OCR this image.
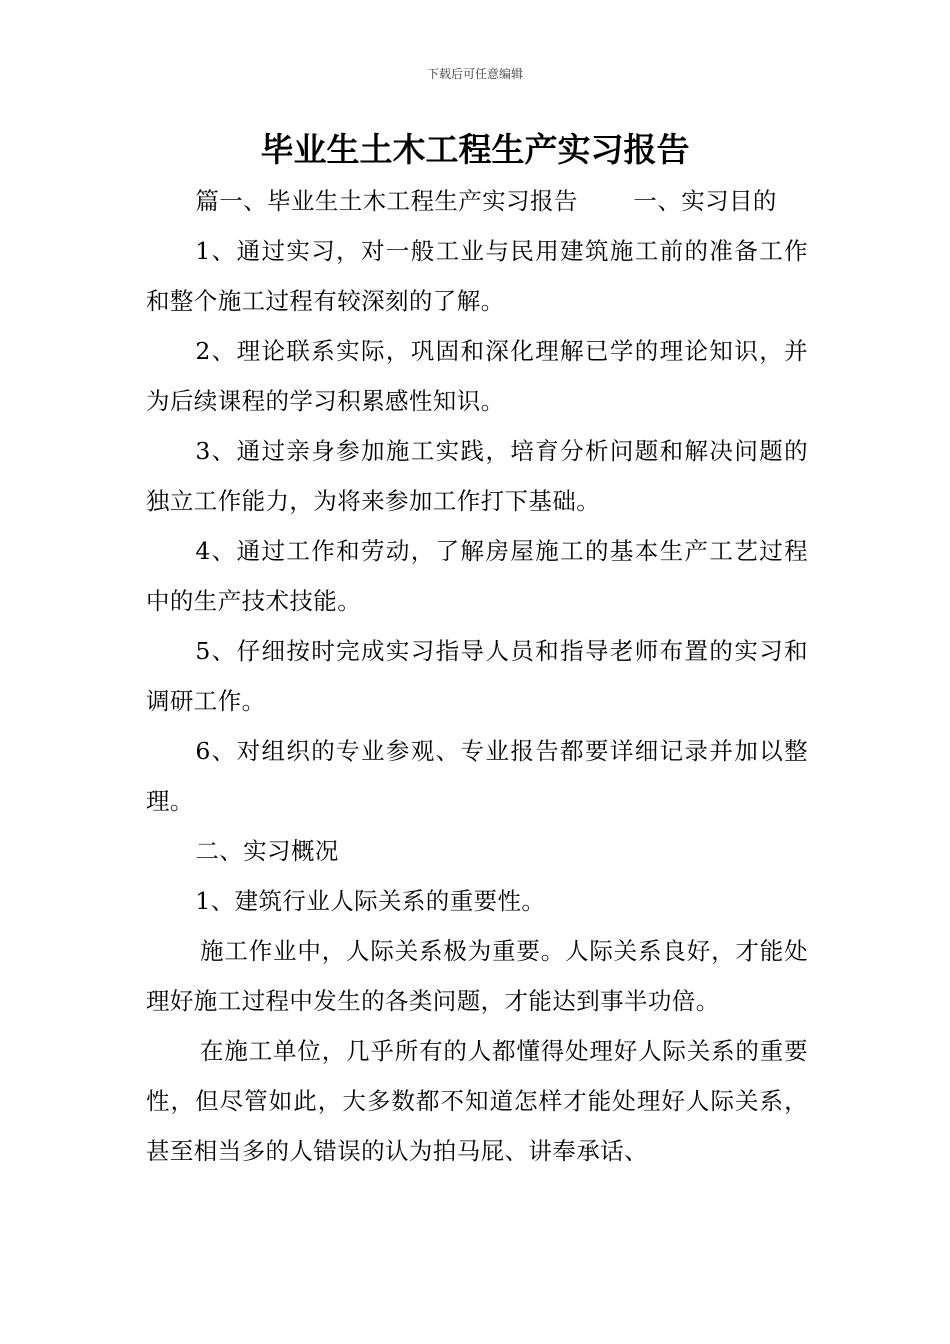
下载后可任意编辑
毕业生土木工程生产实习报告

篇一、毕业生土木工程生产实习报告　　 一、实习目的

1、通过实习，对一般工业与民用建筑施工前的准备工作和整个施工过程有较深刻的了解。

2、理论联系实际，巩固和深化理解已学的理论知识，并为后续课程的学习积累感性知识。

3、通过亲身参加施工实践，培育分析问题和解决问题的独立工作能力，为将来参加工作打下基础。

4、通过工作和劳动，了解房屋施工的基本生产工艺过程中的生产技术技能。

5、仔细按时完成实习指导人员和指导老师布置的实习和调研工作。

6、对组织的专业参观、专业报告都要详细记录并加以整理。

二、实习概况

1、建筑行业人际关系的重要性。

施工作业中，人际关系极为重要。人际关系良好，才能处理好施工过程中发生的各类问题，才能达到事半功倍。

在施工单位，几乎所有的人都懂得处理好人际关系的重要性，但尽管如此，大多数都不知道怎样才能处理好人际关系，甚至相当多的人错误的认为拍马屁、讲奉承话、
